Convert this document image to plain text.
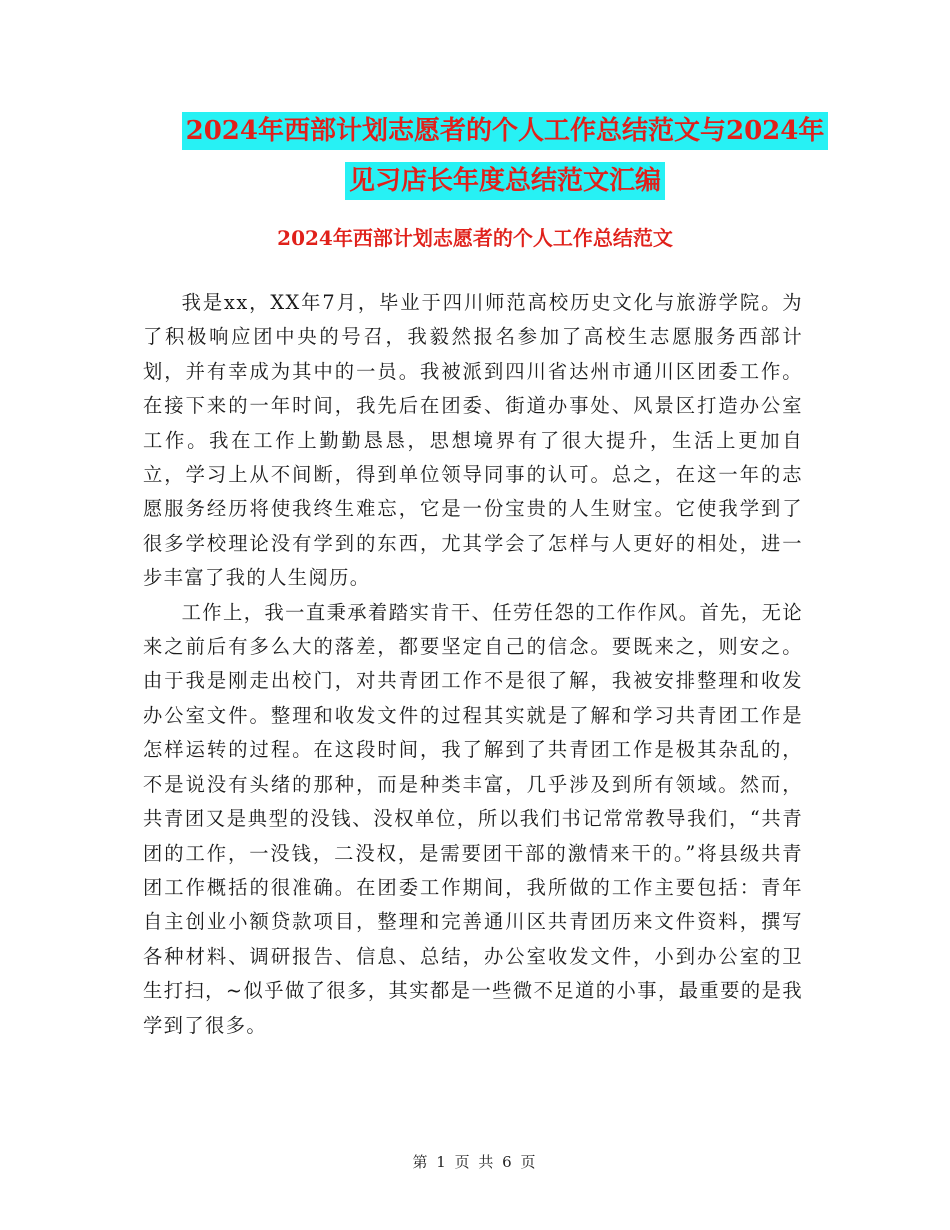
2024年西部计划志愿者的个人工作总结范文与2024年
见习店长年度总结范文汇编
2024年西部计划志愿者的个人工作总结范文

我是xx，XX年7月，毕业于四川师范高校历史文化与旅游学院。为了积极响应团中央的号召，我毅然报名参加了高校生志愿服务西部计划，并有幸成为其中的一员。我被派到四川省达州市通川区团委工作。在接下来的一年时间，我先后在团委、街道办事处、风景区打造办公室工作。我在工作上勤勤恳恳，思想境界有了很大提升，生活上更加自立，学习上从不间断，得到单位领导同事的认可。总之，在这一年的志愿服务经历将使我终生难忘，它是一份宝贵的人生财宝。它使我学到了很多学校理论没有学到的东西，尤其学会了怎样与人更好的相处，进一步丰富了我的人生阅历。

工作上，我一直秉承着踏实肯干、任劳任怨的工作作风。首先，无论来之前后有多么大的落差，都要坚定自己的信念。要既来之，则安之。由于我是刚走出校门，对共青团工作不是很了解，我被安排整理和收发办公室文件。整理和收发文件的过程其实就是了解和学习共青团工作是怎样运转的过程。在这段时间，我了解到了共青团工作是极其杂乱的，不是说没有头绪的那种，而是种类丰富，几乎涉及到所有领域。然而，共青团又是典型的没钱、没权单位，所以我们书记常常教导我们，“共青团的工作，一没钱，二没权，是需要团干部的激情来干的。”将县级共青团工作概括的很准确。在团委工作期间，我所做的工作主要包括：青年自主创业小额贷款项目，整理和完善通川区共青团历来文件资料，撰写各种材料、调研报告、信息、总结，办公室收发文件，小到办公室的卫生打扫，~似乎做了很多，其实都是一些微不足道的小事，最重要的是我学到了很多。

第 1 页 共 6 页
